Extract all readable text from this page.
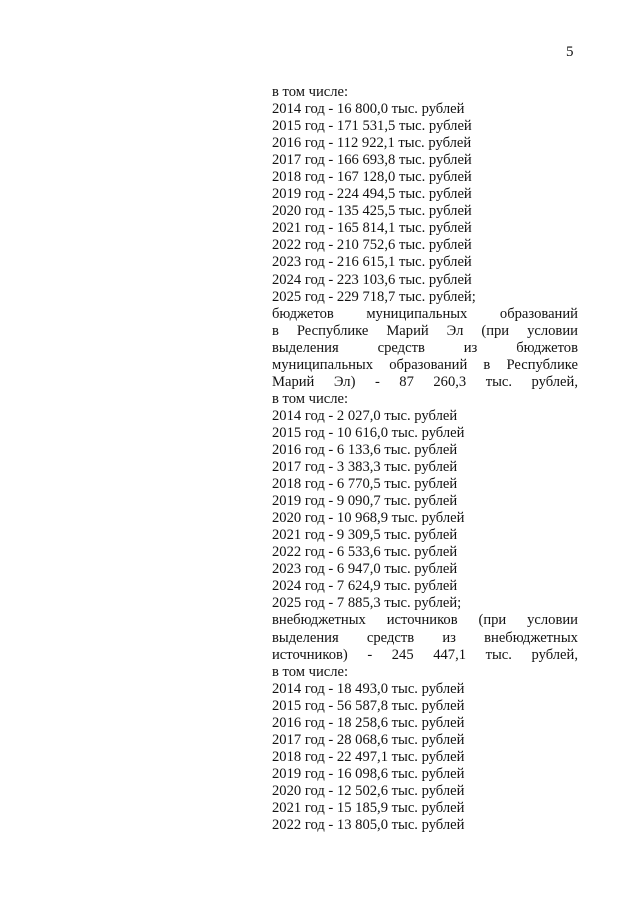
5
в том числе:
2014 год - 16 800,0 тыс. рублей
2015 год - 171 531,5 тыс. рублей
2016 год - 112 922,1 тыс. рублей
2017 год - 166 693,8 тыс. рублей
2018 год - 167 128,0 тыс. рублей
2019 год - 224 494,5 тыс. рублей
2020 год - 135 425,5 тыс. рублей
2021 год - 165 814,1 тыс. рублей
2022 год - 210 752,6 тыс. рублей
2023 год - 216 615,1 тыс. рублей
2024 год - 223 103,6 тыс. рублей
2025 год - 229 718,7 тыс. рублей;
бюджетов муниципальных образований
в Республике Марий Эл (при условии
выделения	средств	из	бюджетов
муниципальных образований в Республике
Марий Эл) - 87 260,3 тыс. рублей,
в том числе:
2014 год - 2 027,0 тыс. рублей
2015 год - 10 616,0 тыс. рублей
2016 год - 6 133,6 тыс. рублей
2017 год - 3 383,3 тыс. рублей
2018 год - 6 770,5 тыс. рублей
2019 год - 9 090,7 тыс. рублей
2020 год - 10 968,9 тыс. рублей
2021 год - 9 309,5 тыс. рублей
2022 год - 6 533,6 тыс. рублей
2023 год - 6 947,0 тыс. рублей
2024 год - 7 624,9 тыс. рублей
2025 год - 7 885,3 тыс. рублей;
внебюджетных источников (при условии
выделения средств из внебюджетных
источников) - 245 447,1 тыс. рублей,
в том числе:
2014 год - 18 493,0 тыс. рублей
2015 год - 56 587,8 тыс. рублей
2016 год - 18 258,6 тыс. рублей
2017 год - 28 068,6 тыс. рублей
2018 год - 22 497,1 тыс. рублей
2019 год - 16 098,6 тыс. рублей
2020 год - 12 502,6 тыс. рублей
2021 год - 15 185,9 тыс. рублей
2022 год - 13 805,0 тыс. рублей
